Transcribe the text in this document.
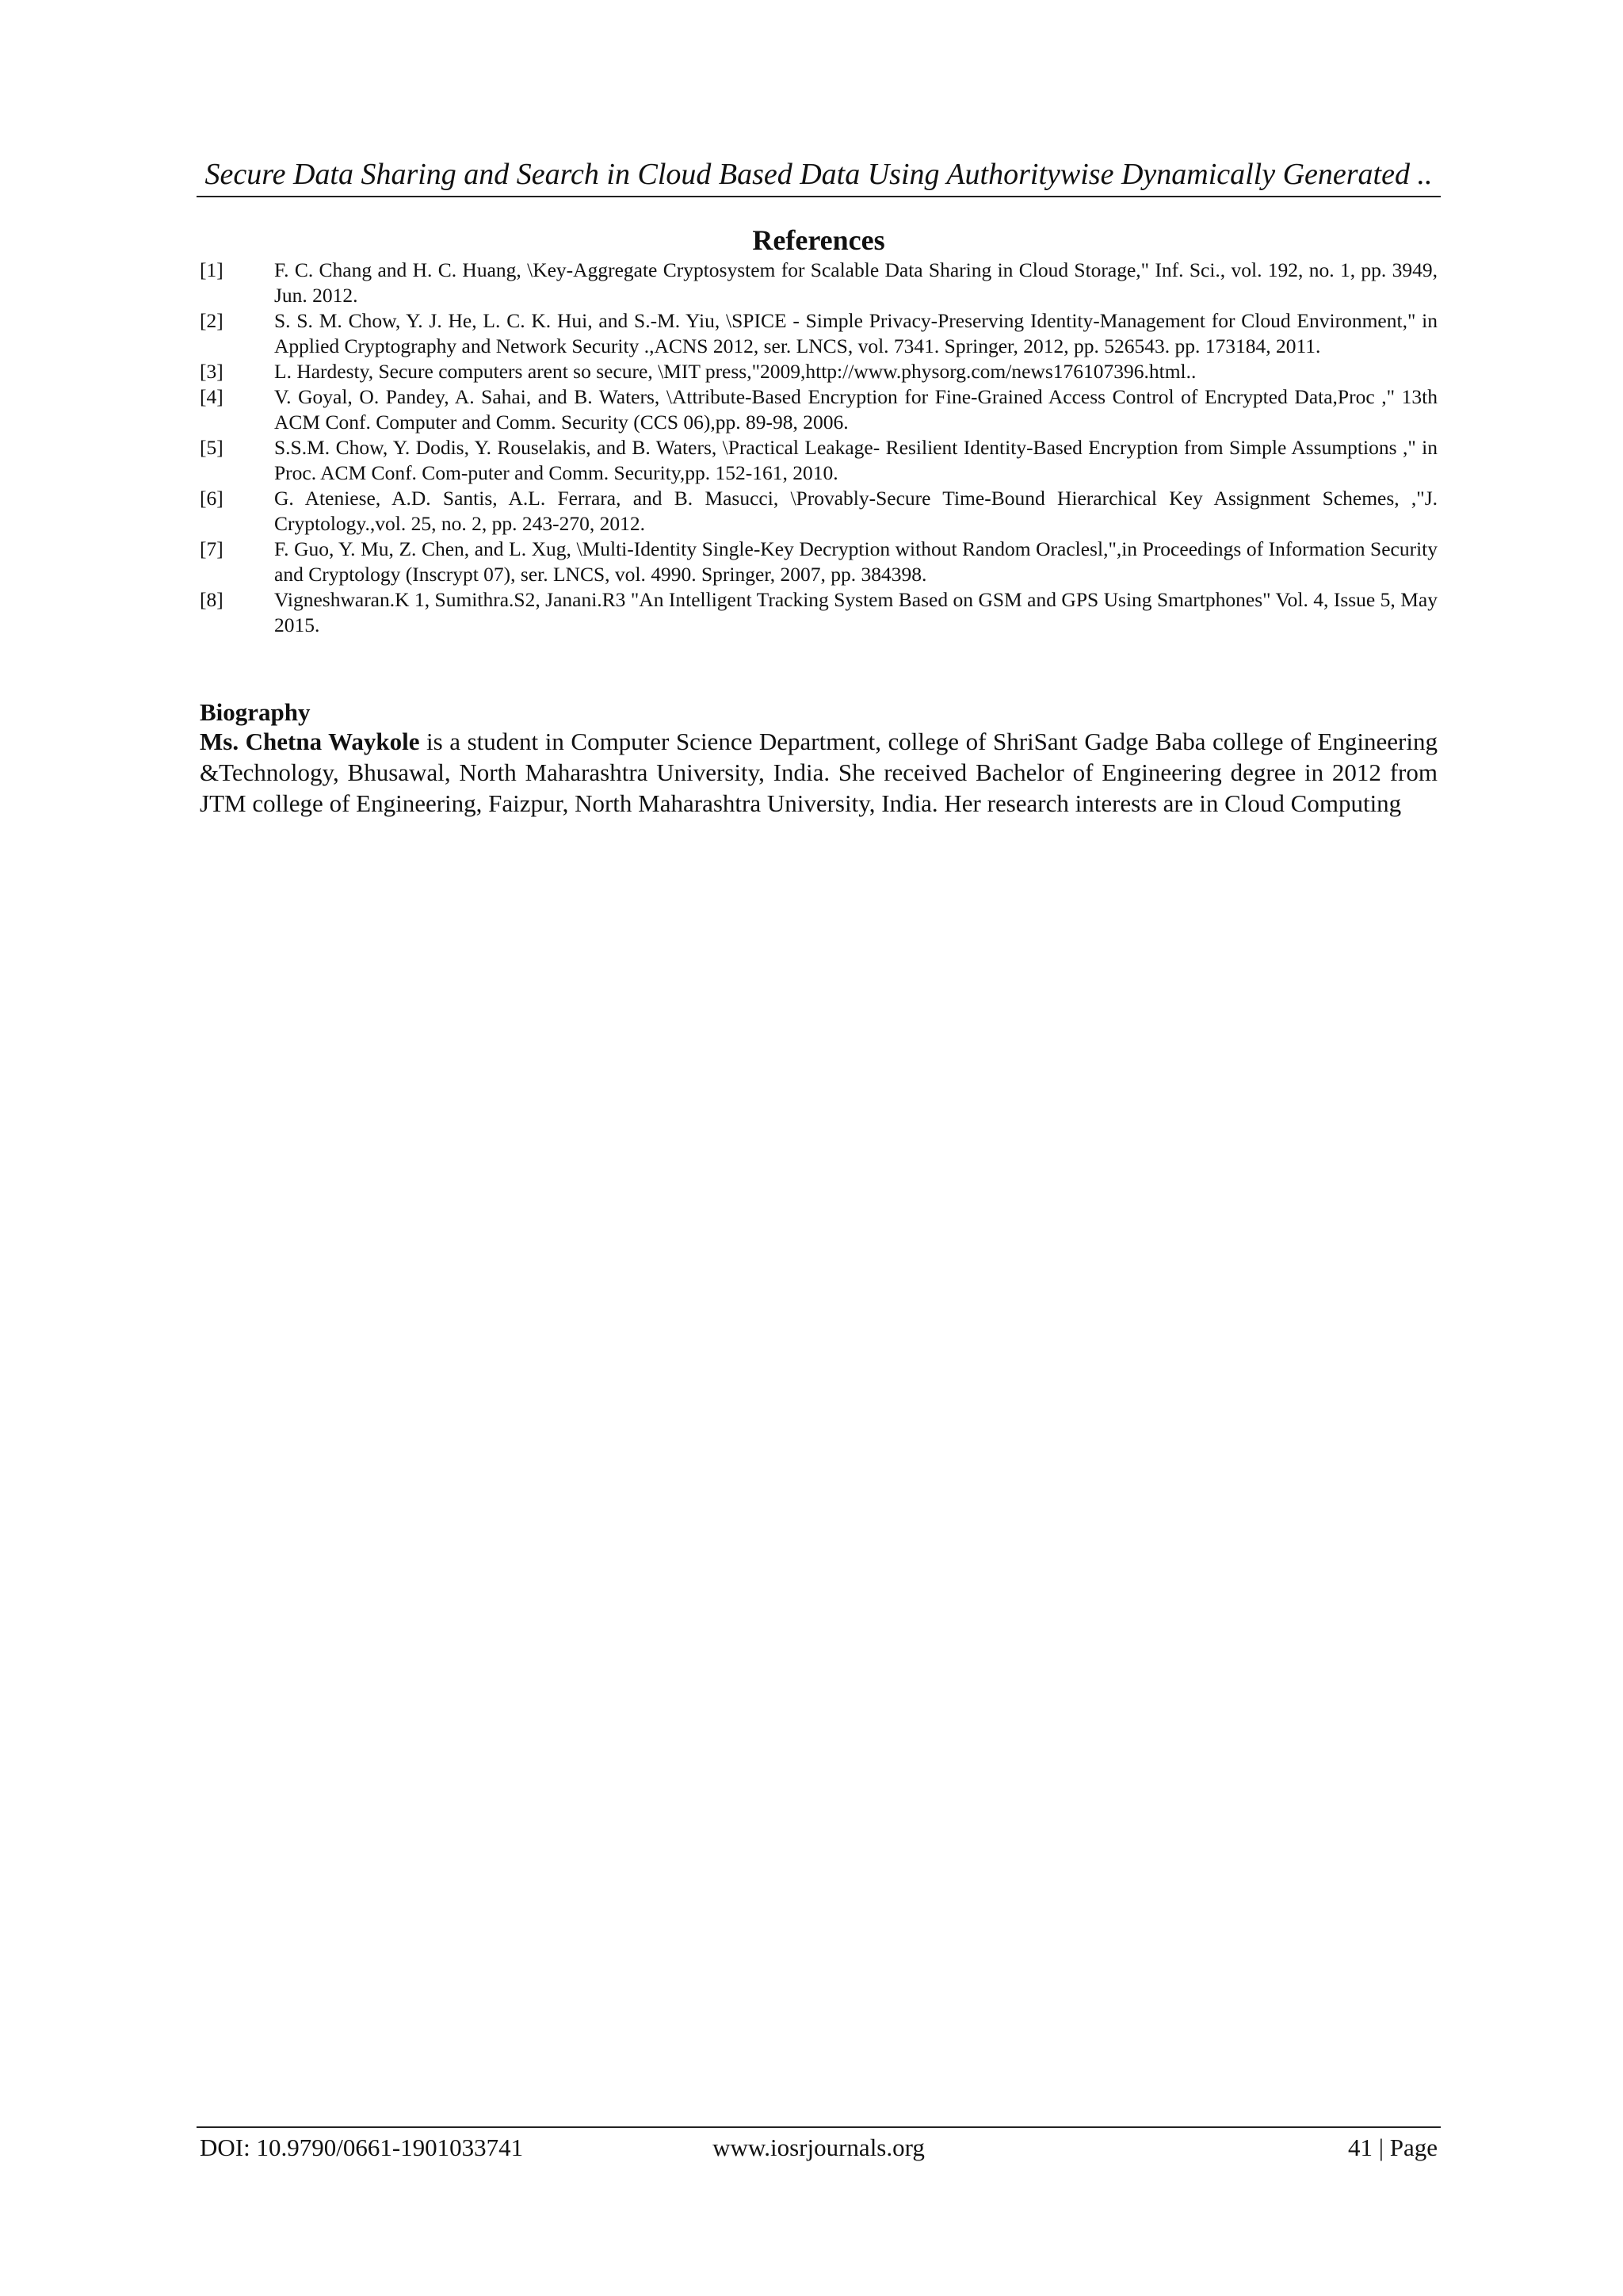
Secure Data Sharing and Search in Cloud Based Data Using Authoritywise Dynamically Generated ..
References
[1]	F. C. Chang and H. C. Huang, \Key-Aggregate Cryptosystem for Scalable Data Sharing in Cloud Storage," Inf. Sci., vol. 192, no. 1, pp. 3949, Jun. 2012.
[2]	S. S. M. Chow, Y. J. He, L. C. K. Hui, and S.-M. Yiu, \SPICE - Simple Privacy-Preserving Identity-Management for Cloud Environment," in Applied Cryptography and Network Security .,ACNS 2012, ser. LNCS, vol. 7341. Springer, 2012, pp. 526543. pp. 173184, 2011.
[3]	L. Hardesty, Secure computers arent so secure, \MIT press,"2009,http://www.physorg.com/news176107396.html..
[4]	V. Goyal, O. Pandey, A. Sahai, and B. Waters, \Attribute-Based Encryption for Fine-Grained Access Control of Encrypted Data,Proc ," 13th ACM Conf. Computer and Comm. Security (CCS 06),pp. 89-98, 2006.
[5]	S.S.M. Chow, Y. Dodis, Y. Rouselakis, and B. Waters, \Practical Leakage- Resilient Identity-Based Encryption from Simple Assumptions ," in Proc. ACM Conf. Com-puter and Comm. Security,pp. 152-161, 2010.
[6]	G. Ateniese, A.D. Santis, A.L. Ferrara, and B. Masucci, \Provably-Secure Time-Bound Hierarchical Key Assignment Schemes, ,"J. Cryptology.,vol. 25, no. 2, pp. 243-270, 2012.
[7]	F. Guo, Y. Mu, Z. Chen, and L. Xug, \Multi-Identity Single-Key Decryption without Random Oraclesl,",in Proceedings of Information Security and Cryptology (Inscrypt 07), ser. LNCS, vol. 4990. Springer, 2007, pp. 384398.
[8]	Vigneshwaran.K 1, Sumithra.S2, Janani.R3 "An Intelligent Tracking System Based on GSM and GPS Using Smartphones" Vol. 4, Issue 5, May 2015.
Biography
Ms. Chetna Waykole is a student in Computer Science Department, college of ShriSant Gadge Baba college of Engineering &Technology, Bhusawal, North Maharashtra University, India. She received Bachelor of Engineering degree in 2012 from JTM college of Engineering, Faizpur, North Maharashtra University, India. Her research interests are in Cloud Computing
DOI: 10.9790/0661-1901033741	www.iosrjournals.org	41 | Page
